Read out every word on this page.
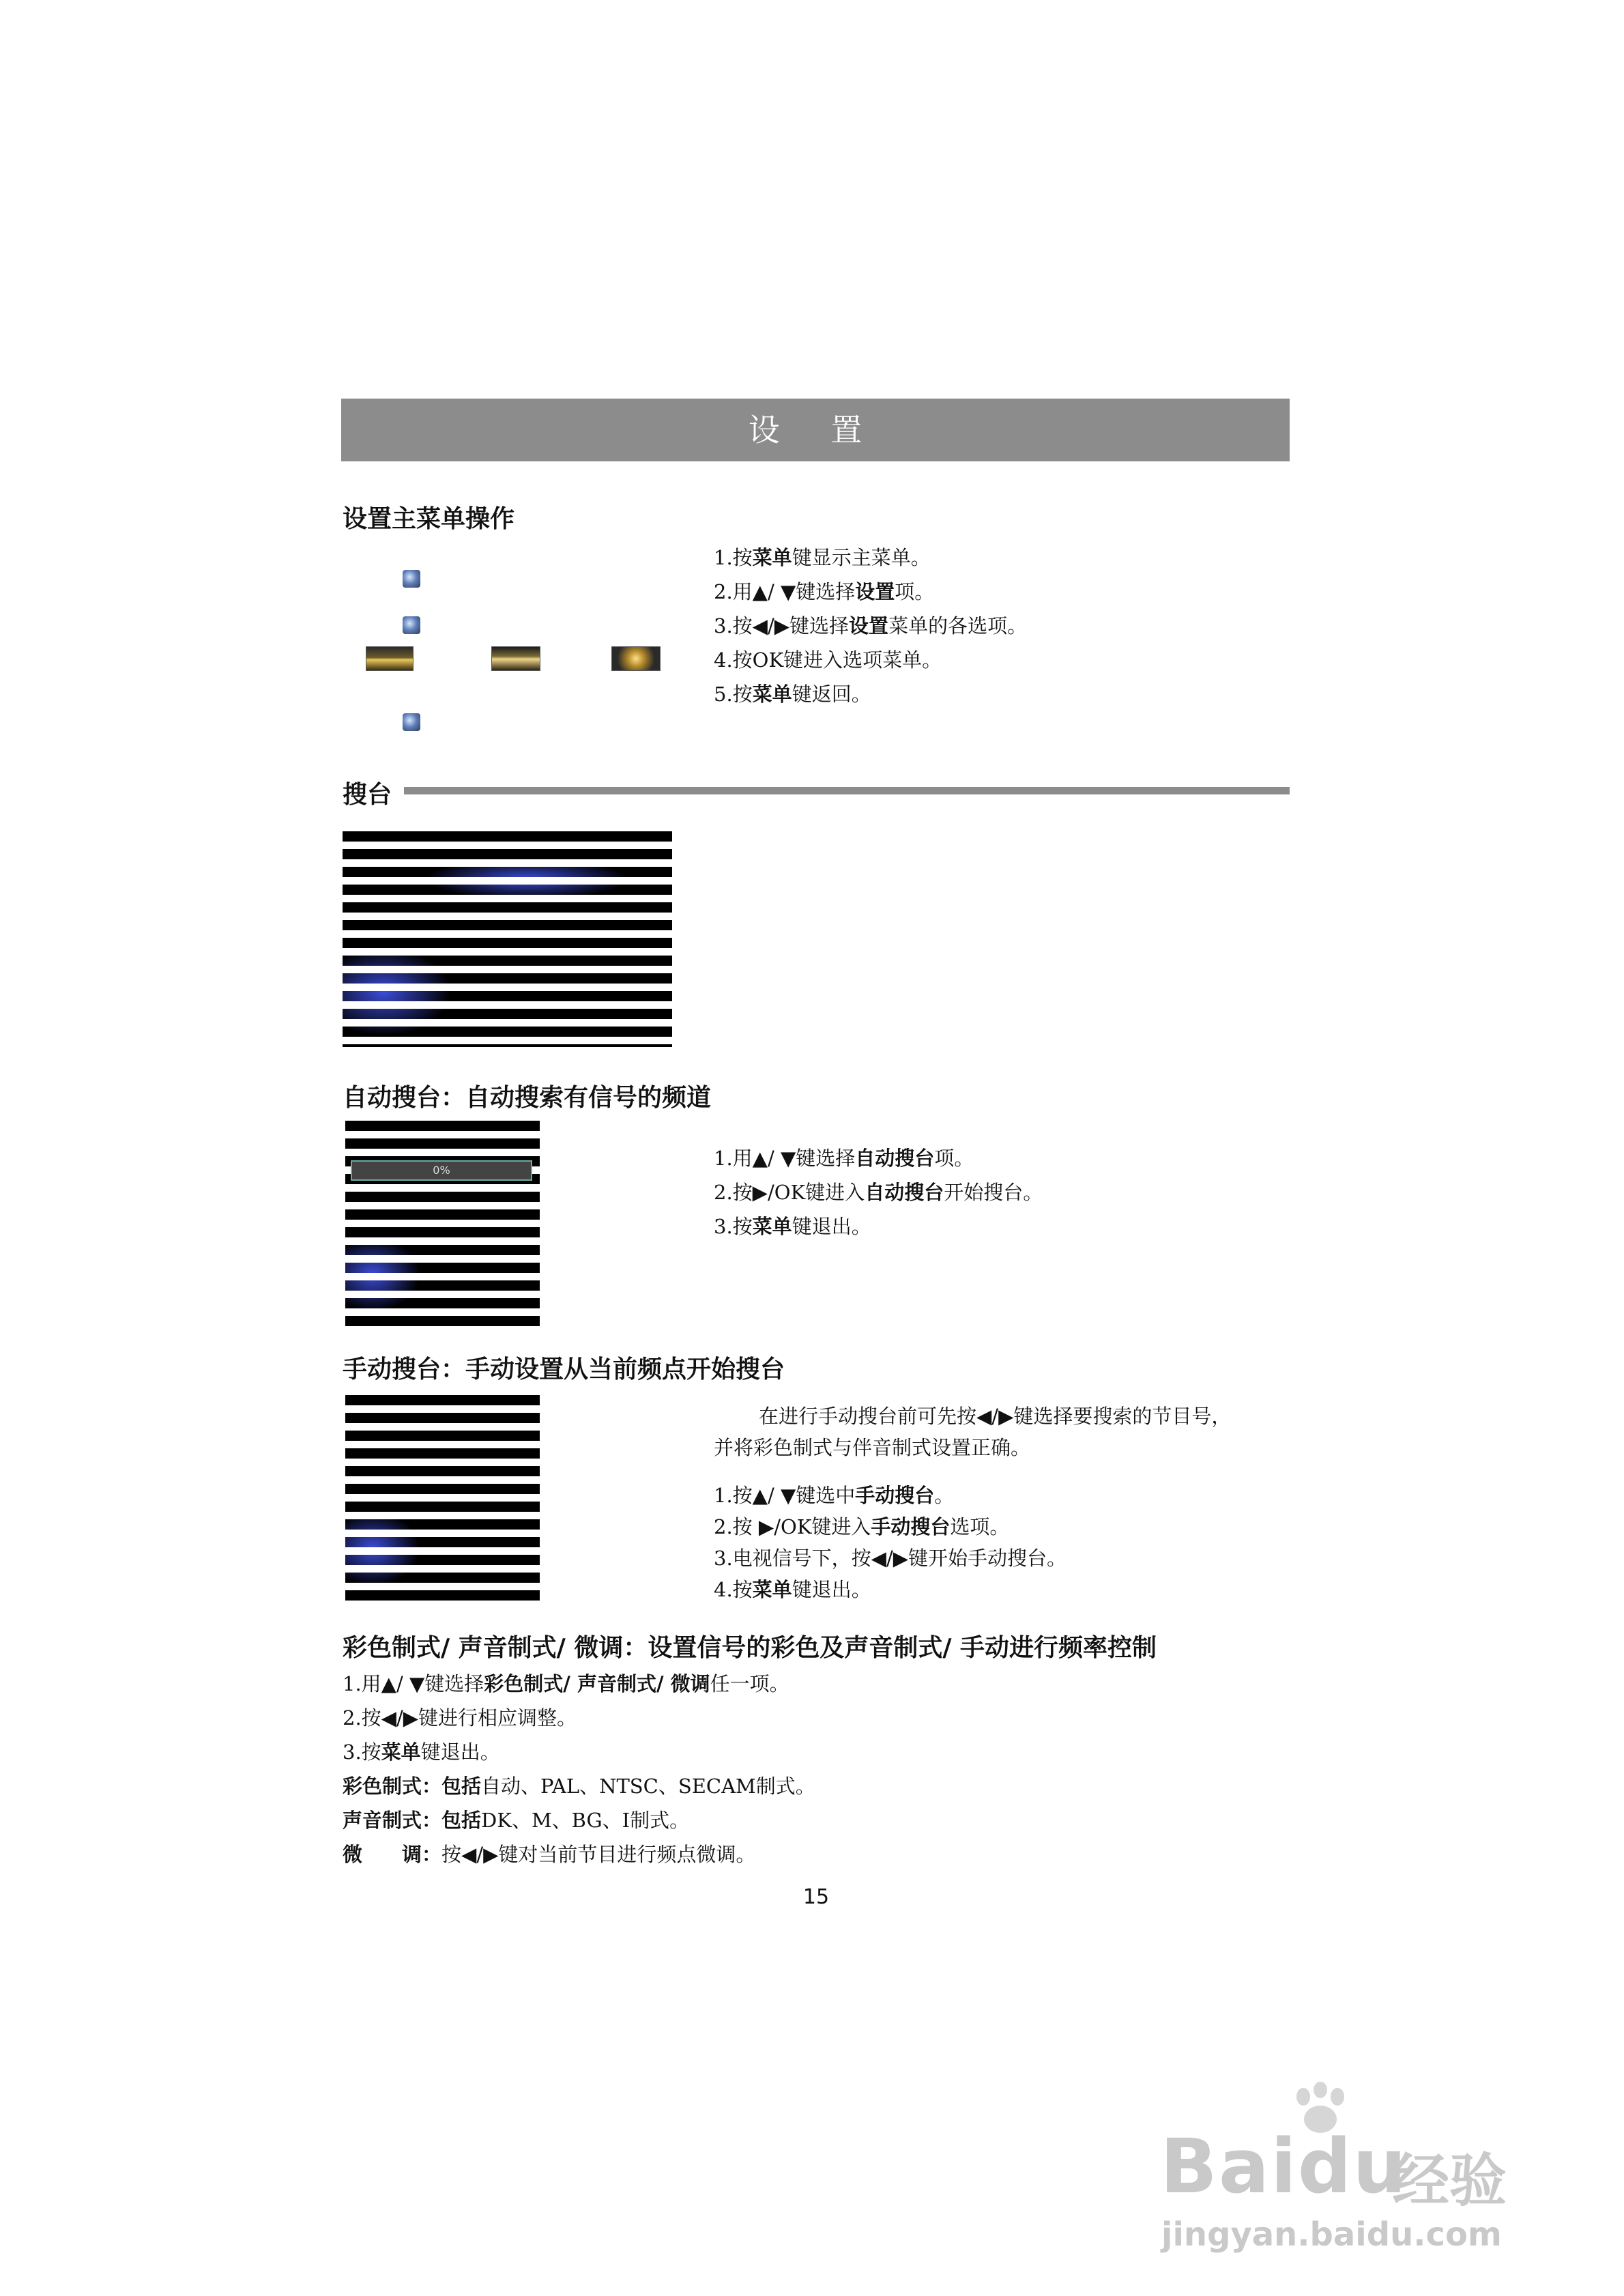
设 置
设置主菜单操作
1.按菜单键显示主菜单。
2.用▲/ ▼键选择设置项。
3.按◀/▶键选择设置菜单的各选项。
4.按OK键进入选项菜单。
5.按菜单键返回。
搜台
自动搜台：自动搜索有信号的频道
0%
1.用▲/ ▼键选择自动搜台项。
2.按▶/OK键进入自动搜台开始搜台。
3.按菜单键退出。
手动搜台：手动设置从当前频点开始搜台
在进行手动搜台前可先按◀/▶键选择要搜索的节目号，
并将彩色制式与伴音制式设置正确。
1.按▲/ ▼键选中手动搜台。
2.按 ▶/OK键进入手动搜台选项。
3.电视信号下，按◀/▶键开始手动搜台。
4.按菜单键退出。
彩色制式/ 声音制式/ 微调：设置信号的彩色及声音制式/ 手动进行频率控制
1.用▲/ ▼键选择彩色制式/ 声音制式/ 微调任一项。
2.按◀/▶键进行相应调整。
3.按菜单键退出。
彩色制式：包括自动、PAL、NTSC、SECAM制式。
声音制式：包括DK、M、BG、I制式。
微　　调：按◀/▶键对当前节目进行频点微调。
15
Baidu
经验
jingyan.baidu.com
